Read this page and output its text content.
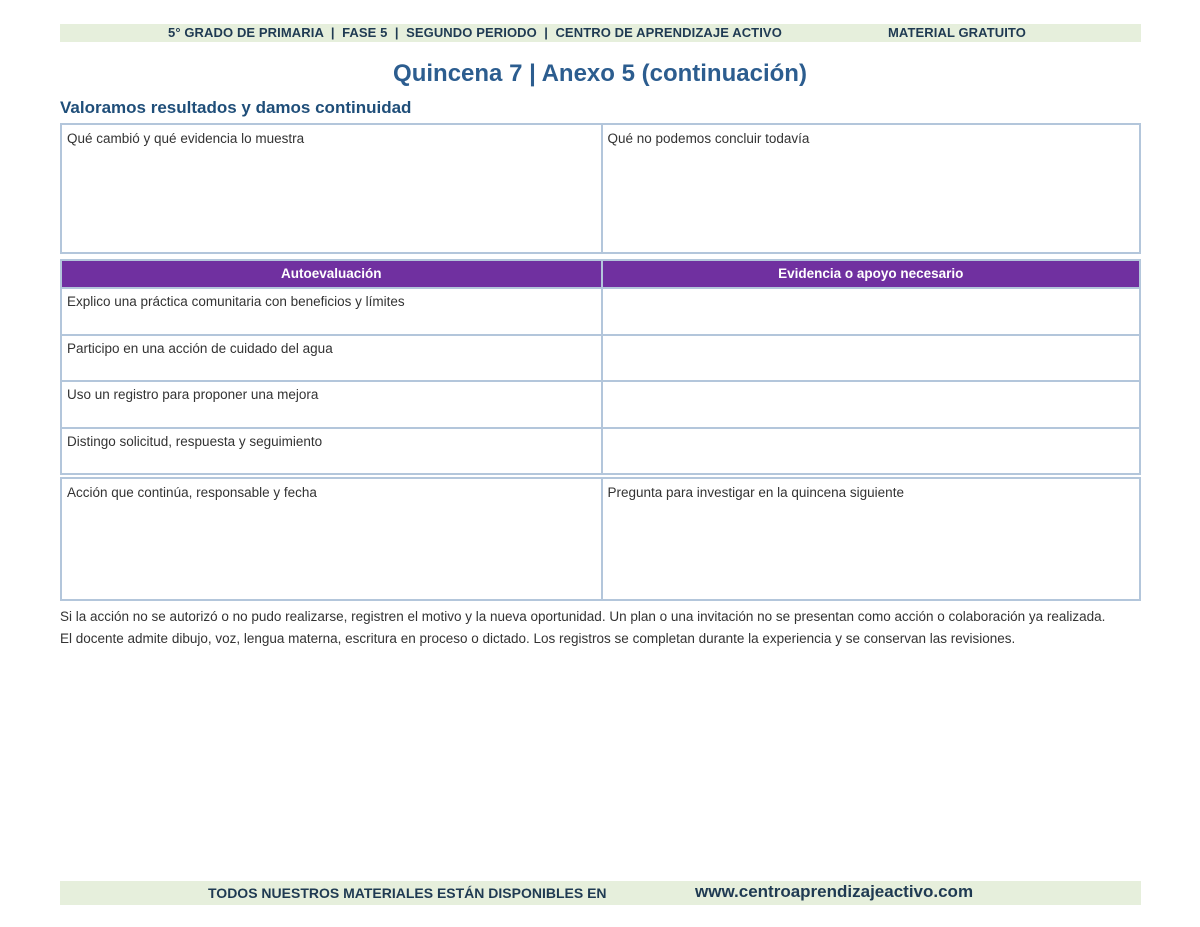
5° GRADO DE PRIMARIA  |  FASE 5  |  SEGUNDO PERIODO  |  CENTRO DE APRENDIZAJE ACTIVO	MATERIAL GRATUITO
Quincena 7 | Anexo 5 (continuación)
Valoramos resultados y damos continuidad
Qué cambió y qué evidencia lo muestra	Qué no podemos concluir todavía
Autoevaluación	Evidencia o apoyo necesario
Explico una práctica comunitaria con beneficios y límites
Participo en una acción de cuidado del agua
Uso un registro para proponer una mejora
Distingo solicitud, respuesta y seguimiento
Acción que continúa, responsable y fecha	Pregunta para investigar en la quincena siguiente

Si la acción no se autorizó o no pudo realizarse, registren el motivo y la nueva oportunidad. Un plan o una invitación no se presentan como acción o colaboración ya realizada.

El docente admite dibujo, voz, lengua materna, escritura en proceso o dictado. Los registros se completan durante la experiencia y se conservan las revisiones.

TODOS NUESTROS MATERIALES ESTÁN DISPONIBLES EN	www.centroaprendizajeactivo.com
